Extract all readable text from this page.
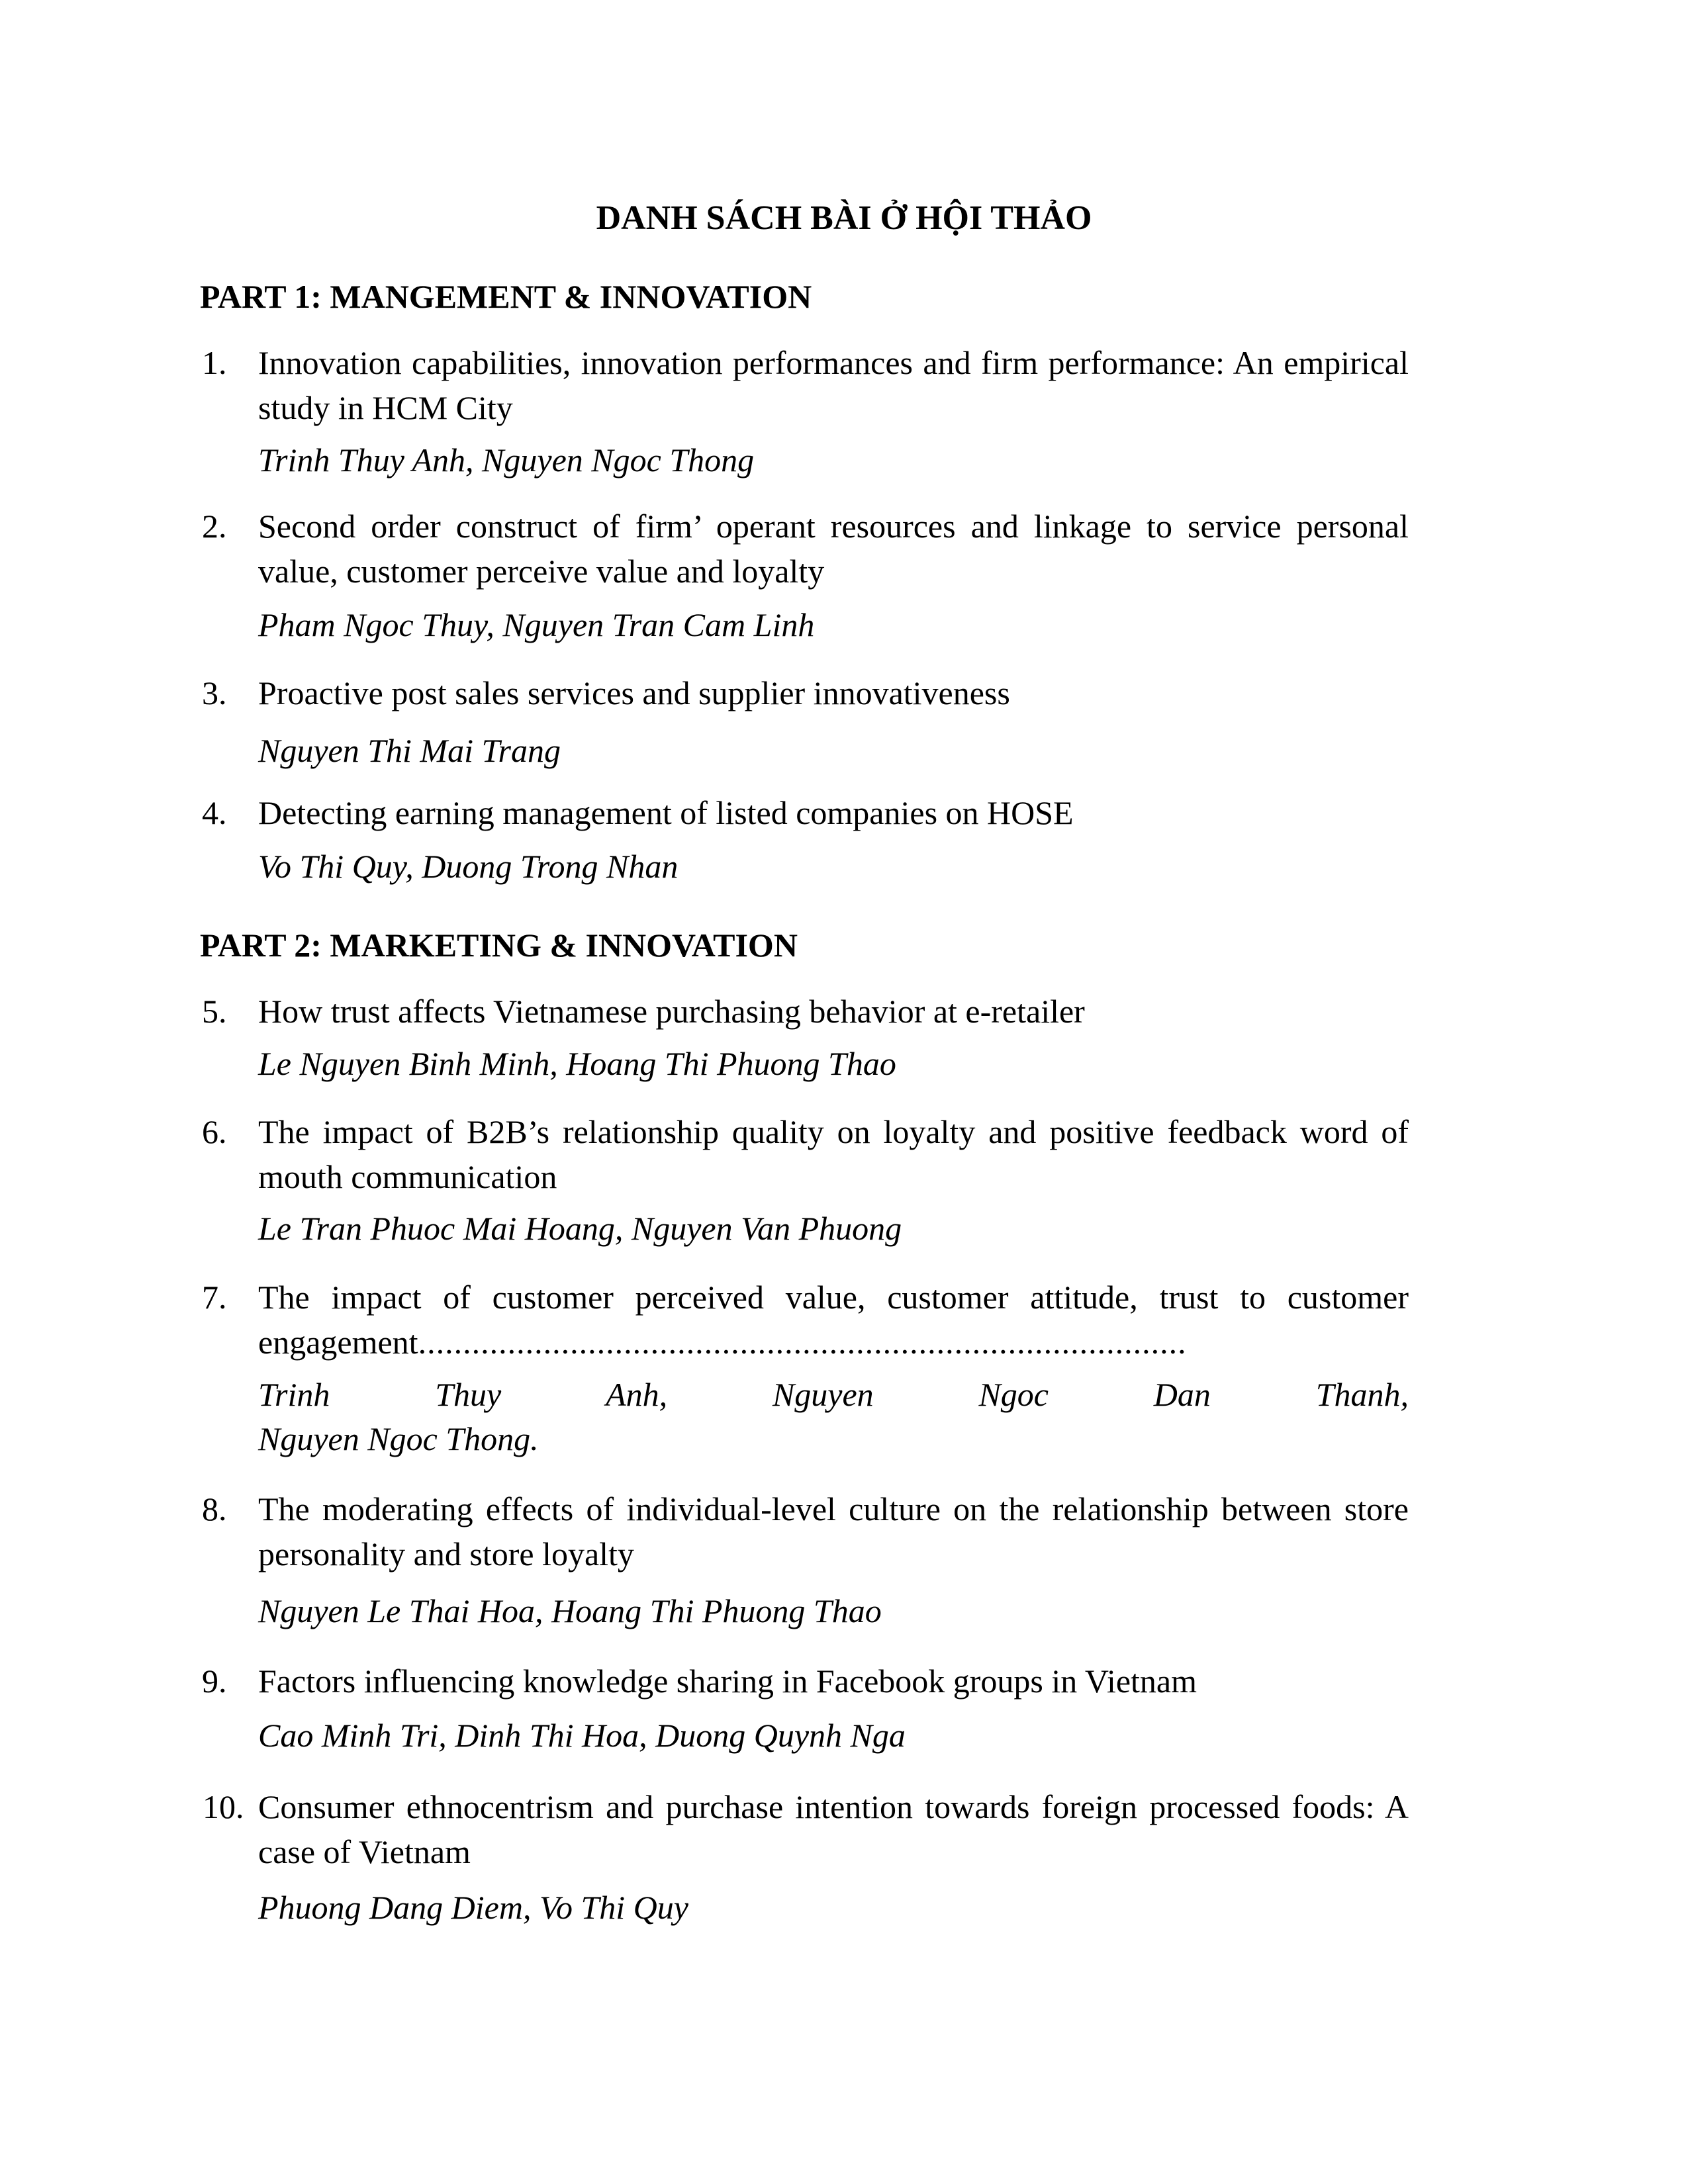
DANH SÁCH BÀI Ở HỘI THẢO
PART 1: MANGEMENT & INNOVATION
1. Innovation capabilities, innovation performances and firm performance: An empirical study in HCM City
Trinh Thuy Anh, Nguyen Ngoc Thong
2. Second order construct of firm’ operant resources and linkage to service personal value, customer perceive value and loyalty
Pham Ngoc Thuy, Nguyen Tran Cam Linh
3. Proactive post sales services and supplier innovativeness
Nguyen Thi Mai Trang
4. Detecting earning management of listed companies on HOSE
Vo Thi Quy, Duong Trong Nhan
PART 2: MARKETING & INNOVATION
5. How trust affects Vietnamese purchasing behavior at e-retailer
Le Nguyen Binh Minh, Hoang Thi Phuong Thao
6. The impact of B2B’s relationship quality on loyalty and positive feedback word of mouth communication
Le Tran Phuoc Mai Hoang, Nguyen Van Phuong
7. The impact of customer perceived value, customer attitude, trust to customer engagement......................................................................................
Trinh Thuy Anh, Nguyen Ngoc Dan Thanh,
Nguyen Ngoc Thong.
8. The moderating effects of individual-level culture on the relationship between store personality and store loyalty
Nguyen Le Thai Hoa, Hoang Thi Phuong Thao
9. Factors influencing knowledge sharing in Facebook groups in Vietnam
Cao Minh Tri, Dinh Thi Hoa, Duong Quynh Nga
10. Consumer ethnocentrism and purchase intention towards foreign processed foods: A case of Vietnam
Phuong Dang Diem, Vo Thi Quy
